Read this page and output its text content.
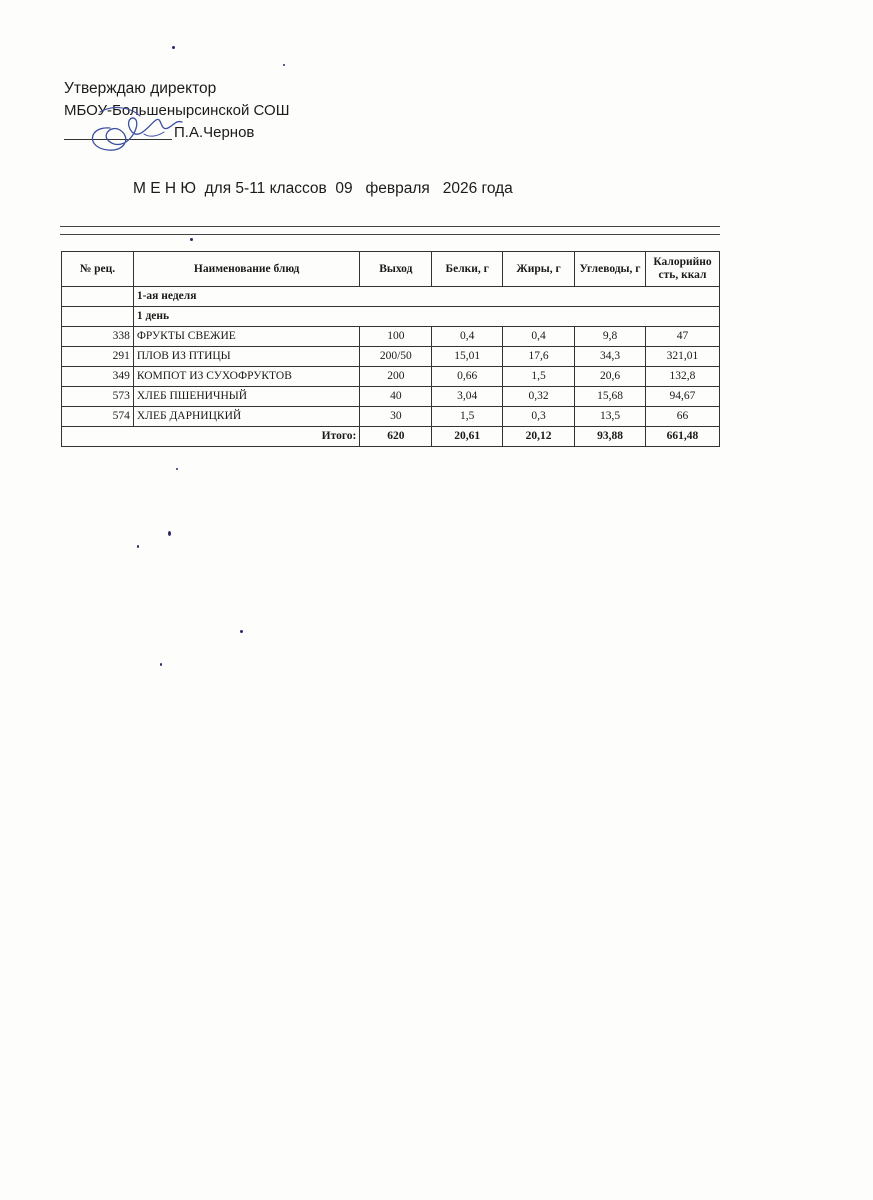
Утверждаю директор
МБОУ-Большенырсинской СОШ
П.А.Чернов
М Е Н Ю  для 5-11 классов  09   февраля   2026 года
№ рец.	Наименование блюд	Выход	Белки, г	Жиры, г	Углеводы, г	Калорийно сть, ккал
	1-ая неделя					
	1 день					
338	ФРУКТЫ СВЕЖИЕ	100	0,4	0,4	9,8	47
291	ПЛОВ ИЗ ПТИЦЫ	200/50	15,01	17,6	34,3	321,01
349	КОМПОТ ИЗ СУХОФРУКТОВ	200	0,66	1,5	20,6	132,8
573	ХЛЕБ ПШЕНИЧНЫЙ	40	3,04	0,32	15,68	94,67
574	ХЛЕБ ДАРНИЦКИЙ	30	1,5	0,3	13,5	66
Итого:		620	20,61	20,12	93,88	661,48
